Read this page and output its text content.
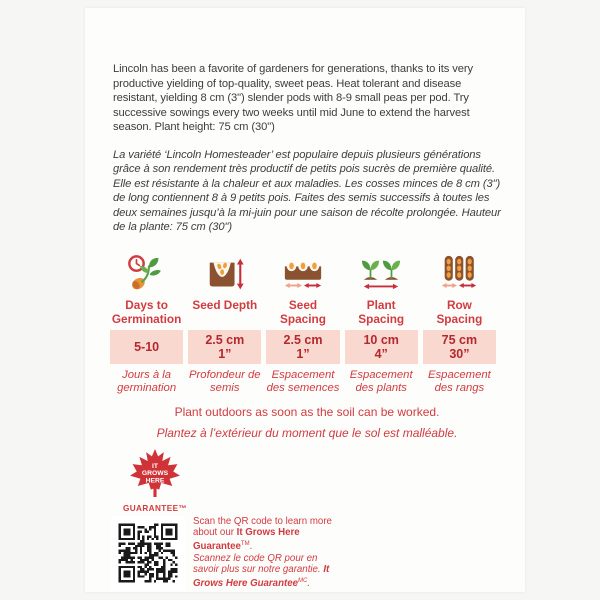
Lincoln has been a favorite of gardeners for generations, thanks to its very productive yielding of top-quality, sweet peas. Heat tolerant and disease resistant, yielding 8 cm (3") slender pods with 8-9 small peas per pod. Try successive sowings every two weeks until mid June to extend the harvest season. Plant height: 75 cm (30")

La variété ‘Lincoln Homesteader’ est populaire depuis plusieurs générations grâce à son rendement très productif de petits pois sucrès de première qualité. Elle est résistante à la chaleur et aux maladies. Les cosses minces de 8 cm (3") de long contiennent 8 à 9 petits pois. Faites des semis successifs à toutes les deux semaines jusqu’à la mi-juin pour une saison de récolte prolongée. Hauteur de la plante: 75 cm (30")

Days to Germination
5-10
Jours à la germination
Seed Depth
2.5 cm
1”
Profondeur de semis
Seed Spacing
2.5 cm
1”
Espacement des semences
Plant Spacing
10 cm
4”
Espacement des plants
Row Spacing
75 cm
30”
Espacement des rangs

Plant outdoors as soon as the soil can be worked.

Plantez à l’extérieur du moment que le sol est malléable.

IT
GROWS
HERE
GUARANTEE™
Scan the QR code to learn more about our It Grows Here Guarantee™.
Scannez le code QR pour en savoir plus sur notre garantie. It Grows Here Guarantee$^{MC}$.
